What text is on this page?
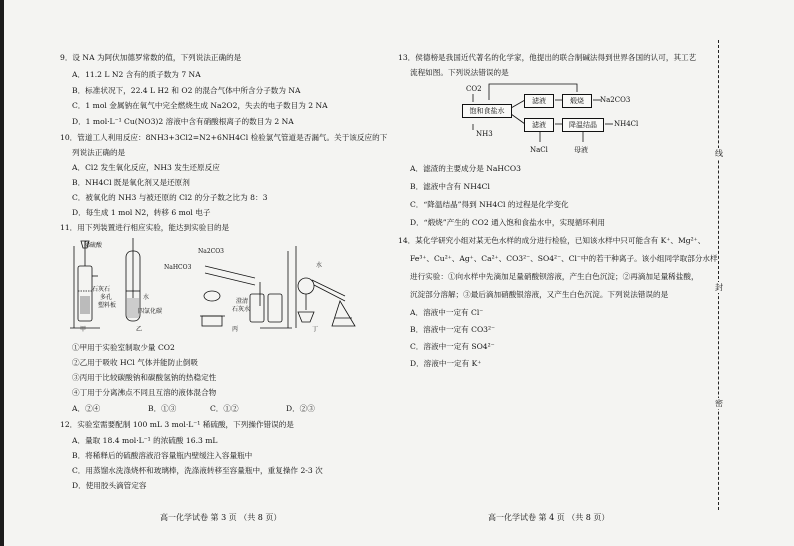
9．设 NA 为阿伏加德罗常数的值，下列说法正确的是
A．11.2 L N2 含有的质子数为 7 NA
B．标准状况下，22.4 L H2 和 O2 的混合气体中所含分子数为 NA
C．1 mol 金属钠在氧气中完全燃烧生成 Na2O2，失去的电子数目为 2 NA
D．1 mol·L⁻¹ Cu(NO3)2 溶液中含有硝酸根离子的数目为 2 NA
10．管道工人利用反应：8NH3+3Cl2=N2+6NH4Cl 检验氯气管道是否漏气。关于该反应的下
列说法正确的是
A．Cl2 发生氧化反应，NH3 发生还原反应
B．NH4Cl 既是氧化剂又是还原剂
C．被氧化的 NH3 与被还原的 Cl2 的分子数之比为 8：3
D．每生成 1 mol N2，转移 6 mol 电子
11．用下列装置进行相应实验，能达到实验目的是
稀硫酸
石灰石
多孔
塑料板
水
四氯化碳
Na2CO3
NaHCO3
澄清
石灰水
水
甲	乙	丙	丁
①甲用于实验室制取少量 CO2
②乙用于吸收 HCl 气体并能防止倒吸
③丙用于比较碳酸钠和碳酸氢钠的热稳定性
④丁用于分离沸点不同且互溶的液体混合物
A．②④	B．①③	C．①②	D．②③
12．实验室需要配制 100 mL 3 mol·L⁻¹ 稀硫酸，下列操作错误的是
A．量取 18.4 mol·L⁻¹ 的浓硫酸 16.3 mL
B．将稀释后的硫酸溶液沿容量瓶内壁缓注入容量瓶中
C．用蒸馏水洗涤烧杯和玻璃棒，洗涤液转移至容量瓶中，重复操作 2-3 次
D．使用胶头滴管定容
高一化学试卷 第 3 页 （共 8 页）
13．侯德榜是我国近代著名的化学家，他提出的联合制碱法得到世界各国的认可，其工艺
流程如图。下列说法错误的是
CO2
饱和食盐水
NH3
滤液	煅烧	Na2CO3
滤液	降温结晶	NH4Cl
NaCl	母液
A．滤渣的主要成分是 NaHCO3
B．滤液中含有 NH4Cl
C．“降温结晶”得到 NH4Cl 的过程是化学变化
D．“煅烧”产生的 CO2 通入饱和食盐水中，实现循环利用
14．某化学研究小组对某无色水样的成分进行检验，已知该水样中只可能含有 K⁺、Mg²⁺、
Fe³⁺、Cu²⁺、Ag⁺、Ca²⁺、CO3²⁻、SO4²⁻、Cl⁻中的若干种离子。该小组同学取部分水样
进行实验：①向水样中先滴加足量硝酸钡溶液，产生白色沉淀；②再滴加足量稀盐酸，
沉淀部分溶解；③最后滴加硝酸银溶液，又产生白色沉淀。下列说法错误的是
A．溶液中一定有 Cl⁻
B．溶液中一定有 CO3²⁻
C．溶液中一定有 SO4²⁻
D．溶液中一定有 K⁺
高一化学试卷 第 4 页 （共 8 页）
线
封
密
